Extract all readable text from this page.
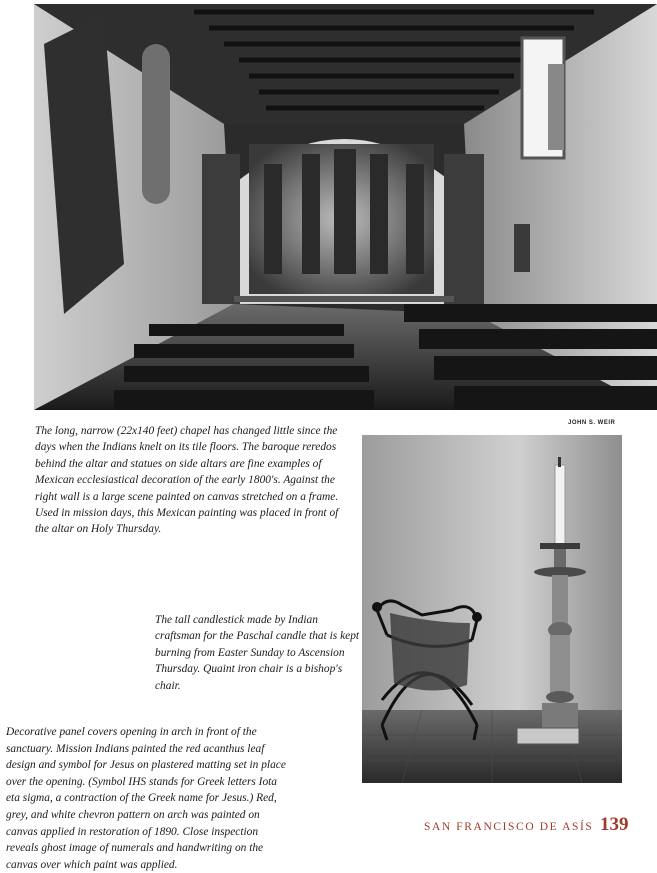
JOHN S. WEIR

The long, narrow (22x140 feet) chapel has changed little since the days when the Indians knelt on its tile floors. The baroque reredos behind the altar and statues on side altars are fine examples of Mexican ecclesiastical decoration of the early 1800's. Against the right wall is a large scene painted on canvas stretched on a frame. Used in mission days, this Mexican painting was placed in front of the altar on Holy Thursday.

The tall candlestick made by Indian craftsman for the Paschal candle that is kept burning from Easter Sunday to Ascension Thursday. Quaint iron chair is a bishop's chair.

Decorative panel covers opening in arch in front of the sanctuary. Mission Indians painted the red acanthus leaf design and symbol for Jesus on plastered matting set in place over the opening. (Symbol IHS stands for Greek letters Iota eta sigma, a contraction of the Greek name for Jesus.) Red, grey, and white chevron pattern on arch was painted on canvas applied in restoration of 1890. Close inspection reveals ghost image of numerals and handwriting on the canvas over which paint was applied.

SAN FRANCISCO DE ASÍS 139
